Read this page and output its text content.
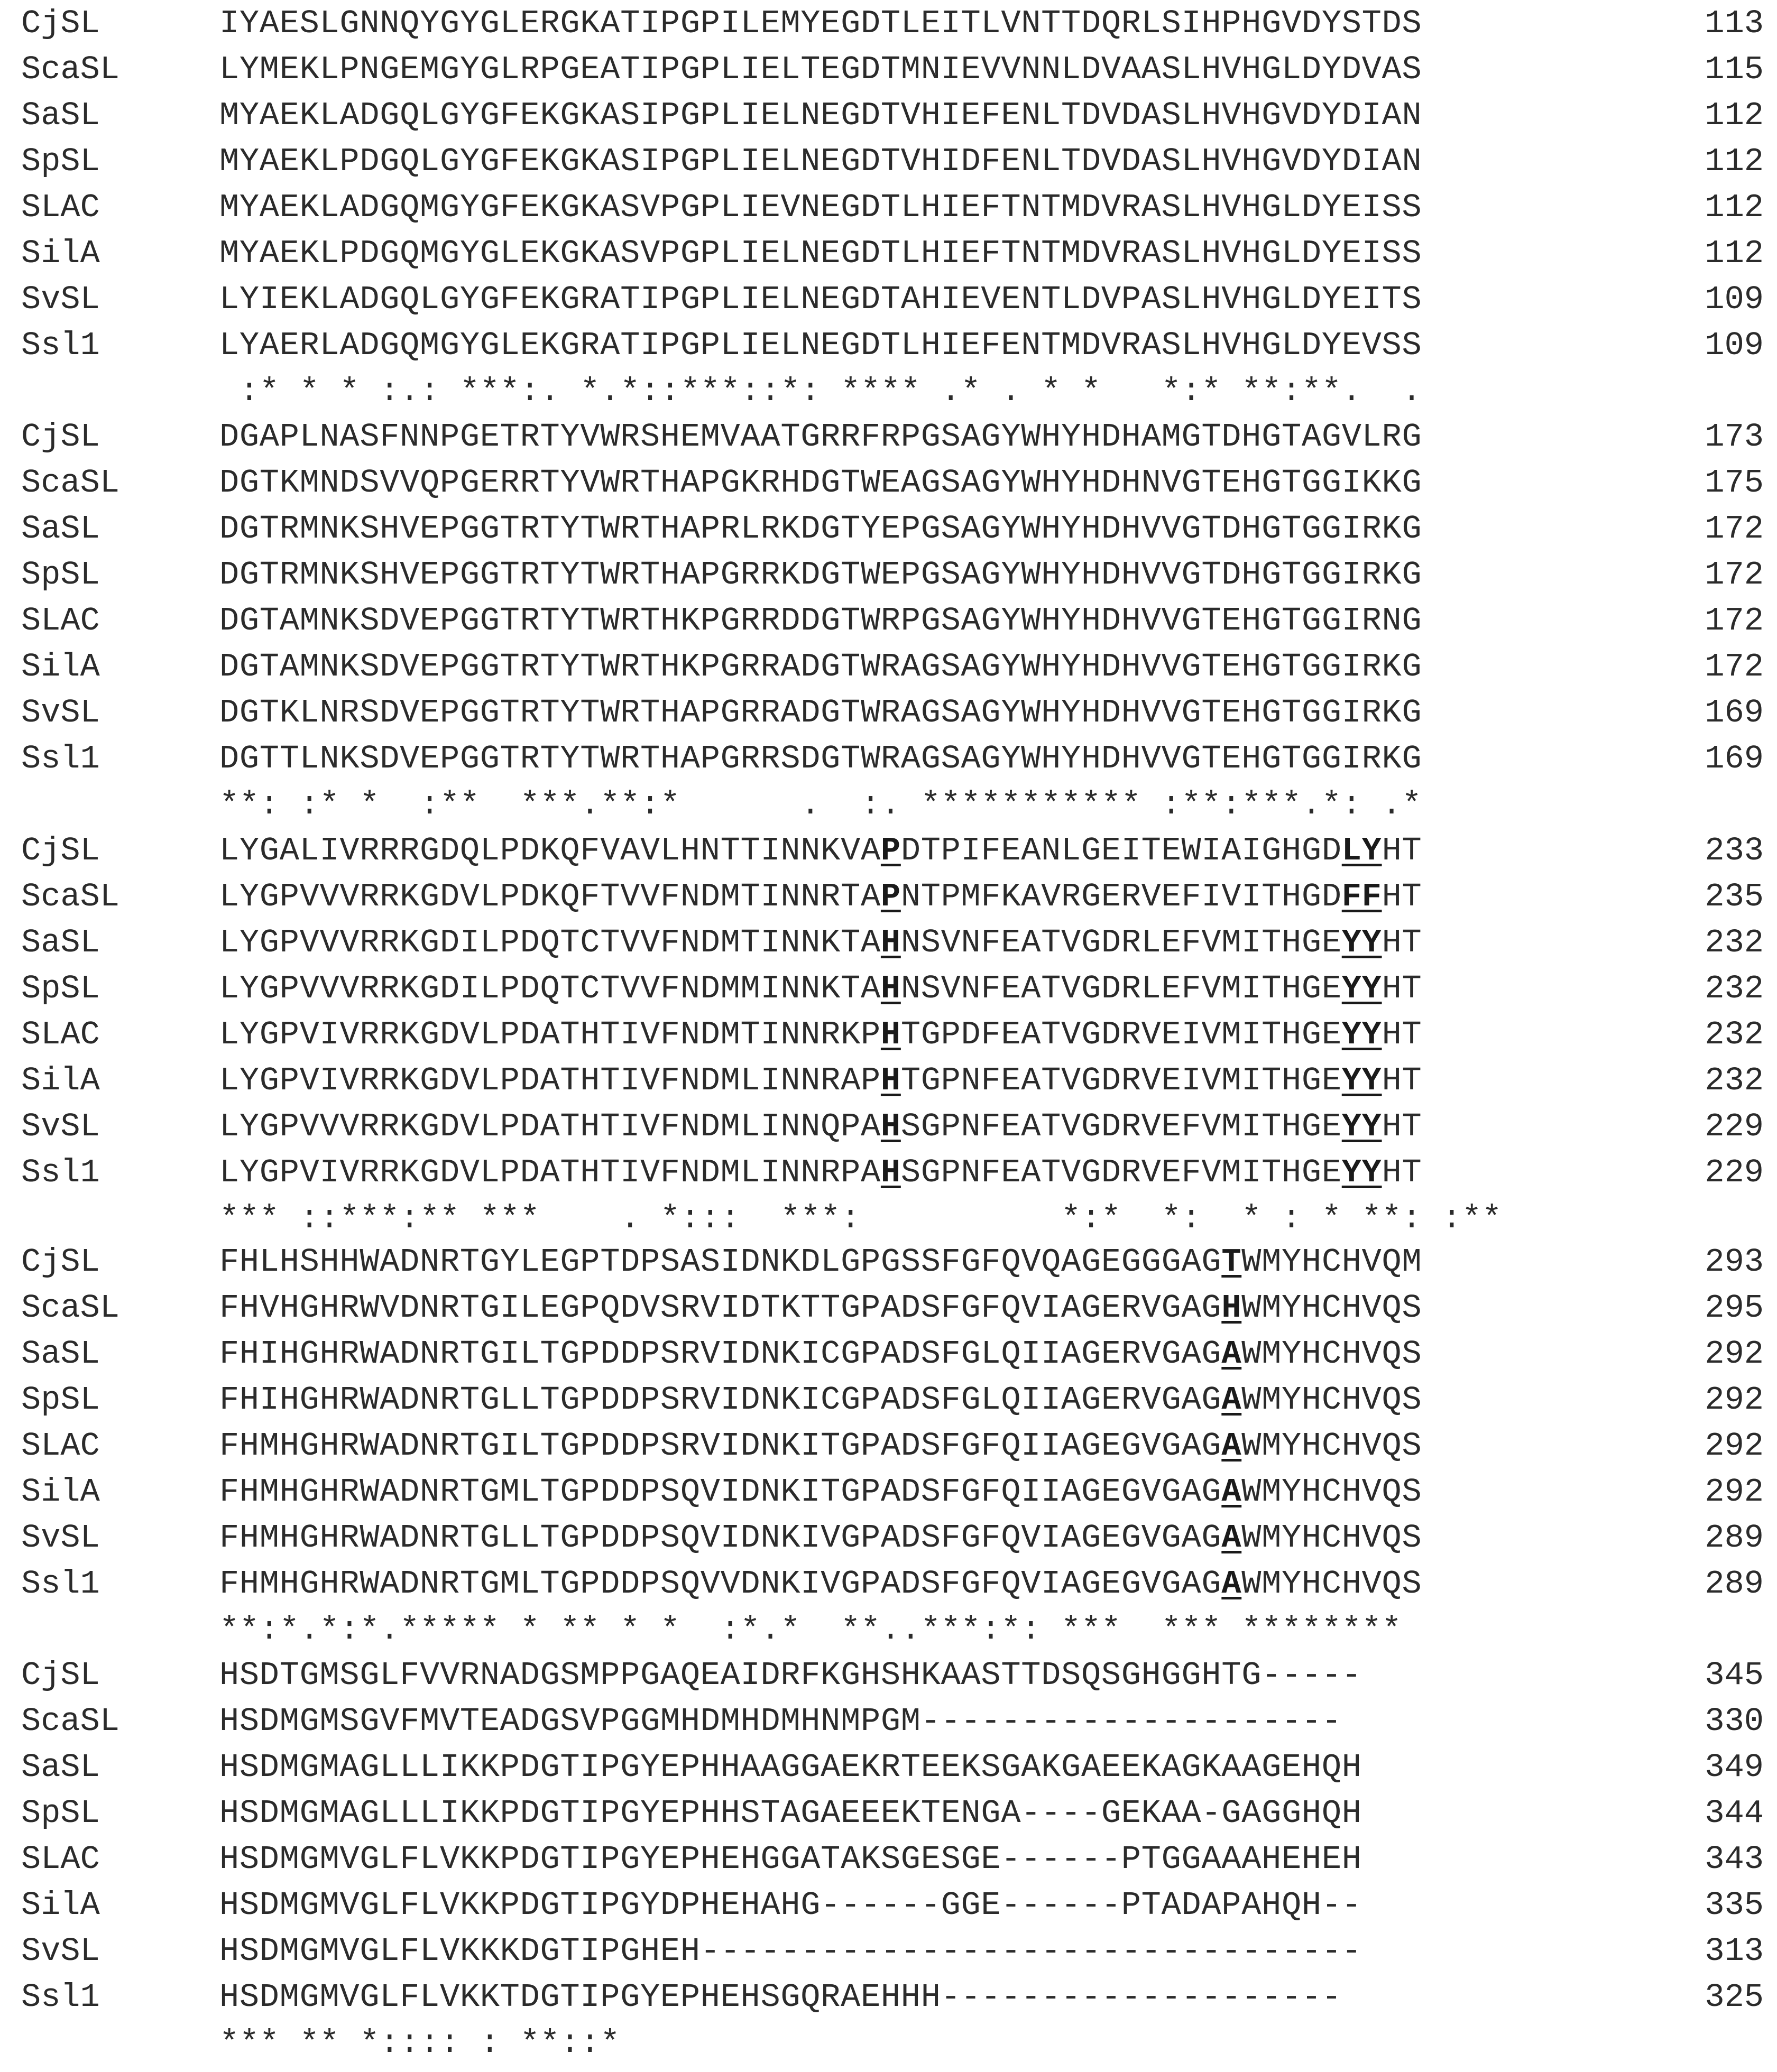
CjSL	IYAESLGNNQYGYGLERGKATIPGPILEMYEGDTLEITLVNTTDQRLSIHPHGVDYSTDS	113
ScaSL	LYMEKLPNGEMGYGLRPGEATIPGPLIELTEGDTMNIEVVNNLDVAASLHVHGLDYDVAS	115
SaSL	MYAEKLADGQLGYGFEKGKASIPGPLIELNEGDTVHIEFENLTDVDASLHVHGVDYDIAN	112
SpSL	MYAEKLPDGQLGYGFEKGKASIPGPLIELNEGDTVHIDFENLTDVDASLHVHGVDYDIAN	112
SLAC	MYAEKLADGQMGYGFEKGKASVPGPLIEVNEGDTLHIEFTNTMDVRASLHVHGLDYEISS	112
SilA	MYAEKLPDGQMGYGLEKGKASVPGPLIELNEGDTLHIEFTNTMDVRASLHVHGLDYEISS	112
SvSL	LYIEKLADGQLGYGFEKGRATIPGPLIELNEGDTAHIEVENTLDVPASLHVHGLDYEITS	109
Ssl1	LYAERLADGQMGYGLEKGRATIPGPLIELNEGDTLHIEFENTMDVRASLHVHGLDYEVSS	109
:* * * :.: ***:. *.*::***::*: **** .* . * *   *:* **:**.  .
CjSL	DGAPLNASFNNPGETRTYVWRSHEMVAATGRRFRPGSAGYWHYHDHAMGTDHGTAGVLRG	173
ScaSL	DGTKMNDSVVQPGERRTYVWRTHAPGKRHDGTWEAGSAGYWHYHDHNVGTEHGTGGIKKG	175
SaSL	DGTRMNKSHVEPGGTRTYTWRTHAPRLRKDGTYEPGSAGYWHYHDHVVGTDHGTGGIRKG	172
SpSL	DGTRMNKSHVEPGGTRTYTWRTHAPGRRKDGTWEPGSAGYWHYHDHVVGTDHGTGGIRKG	172
SLAC	DGTAMNKSDVEPGGTRTYTWRTHKPGRRDDGTWRPGSAGYWHYHDHVVGTEHGTGGIRNG	172
SilA	DGTAMNKSDVEPGGTRTYTWRTHKPGRRADGTWRAGSAGYWHYHDHVVGTEHGTGGIRKG	172
SvSL	DGTKLNRSDVEPGGTRTYTWRTHAPGRRADGTWRAGSAGYWHYHDHVVGTEHGTGGIRKG	169
Ssl1	DGTTLNKSDVEPGGTRTYTWRTHAPGRRSDGTWRAGSAGYWHYHDHVVGTEHGTGGIRKG	169
**: :* *  :**  ***.**:*      .  :. *********** :**:***.*: .*
CjSL	LYGALIVRRRGDQLPDKQFVAVLHNTTINNKVAPDTPIFEANLGEITEWIAIGHGDLYHT	233
ScaSL	LYGPVVVRRKGDVLPDKQFTVVFNDMTINNRTAPNTPMFKAVRGERVEFIVITHGDFFHT	235
SaSL	LYGPVVVRRKGDILPDQTCTVVFNDMTINNKTAHNSVNFEATVGDRLEFVMITHGEYYHT	232
SpSL	LYGPVVVRRKGDILPDQTCTVVFNDMMINNKTAHNSVNFEATVGDRLEFVMITHGEYYHT	232
SLAC	LYGPVIVRRKGDVLPDATHTIVFNDMTINNRKPHTGPDFEATVGDRVEIVMITHGEYYHT	232
SilA	LYGPVIVRRKGDVLPDATHTIVFNDMLINNRAPHTGPNFEATVGDRVEIVMITHGEYYHT	232
SvSL	LYGPVVVRRKGDVLPDATHTIVFNDMLINNQPAHSGPNFEATVGDRVEFVMITHGEYYHT	229
Ssl1	LYGPVIVRRKGDVLPDATHTIVFNDMLINNRPAHSGPNFEATVGDRVEFVMITHGEYYHT	229
*** ::***:** ***    . *:::  ***:          *:*  *:  * : * **: :**
CjSL	FHLHSHHWADNRTGYLEGPTDPSASIDNKDLGPGSSFGFQVQAGEGGGAGTWMYHCHVQM	293
ScaSL	FHVHGHRWVDNRTGILEGPQDVSRVIDTKTTGPADSFGFQVIAGERVGAGHWMYHCHVQS	295
SaSL	FHIHGHRWADNRTGILTGPDDPSRVIDNKICGPADSFGLQIIAGERVGAGAWMYHCHVQS	292
SpSL	FHIHGHRWADNRTGLLTGPDDPSRVIDNKICGPADSFGLQIIAGERVGAGAWMYHCHVQS	292
SLAC	FHMHGHRWADNRTGILTGPDDPSRVIDNKITGPADSFGFQIIAGEGVGAGAWMYHCHVQS	292
SilA	FHMHGHRWADNRTGMLTGPDDPSQVIDNKITGPADSFGFQIIAGEGVGAGAWMYHCHVQS	292
SvSL	FHMHGHRWADNRTGLLTGPDDPSQVIDNKIVGPADSFGFQVIAGEGVGAGAWMYHCHVQS	289
Ssl1	FHMHGHRWADNRTGMLTGPDDPSQVVDNKIVGPADSFGFQVIAGEGVGAGAWMYHCHVQS	289
**:*.*:*.***** * ** * *  :*.*  **..***:*: ***  *** ********
CjSL	HSDTGMSGLFVVRNADGSMPPGAQEAIDRFKGHSHKAASTTDSQSGHGGHTG-----	345
ScaSL	HSDMGMSGVFMVTEADGSVPGGMHDMHDMHNMPGM---------------------	330
SaSL	HSDMGMAGLLLIKKPDGTIPGYEPHHAAGGAEKRTEEKSGAKGAEEKAGKAAGEHQH	349
SpSL	HSDMGMAGLLLIKKPDGTIPGYEPHHSTAGAEEEKTENGA----GEKAA-GAGGHQH	344
SLAC	HSDMGMVGLFLVKKPDGTIPGYEPHEHGGATAKSGESGE------PTGGAAAHEHEH	343
SilA	HSDMGMVGLFLVKKPDGTIPGYDPHEHAHG------GGE------PTADAPAHQH--	335
SvSL	HSDMGMVGLFLVKKKDGTIPGHEH---------------------------------	313
Ssl1	HSDMGMVGLFLVKKTDGTIPGYEPHEHSGQRAEHHH--------------------	325
*** ** *:::: : **::*
